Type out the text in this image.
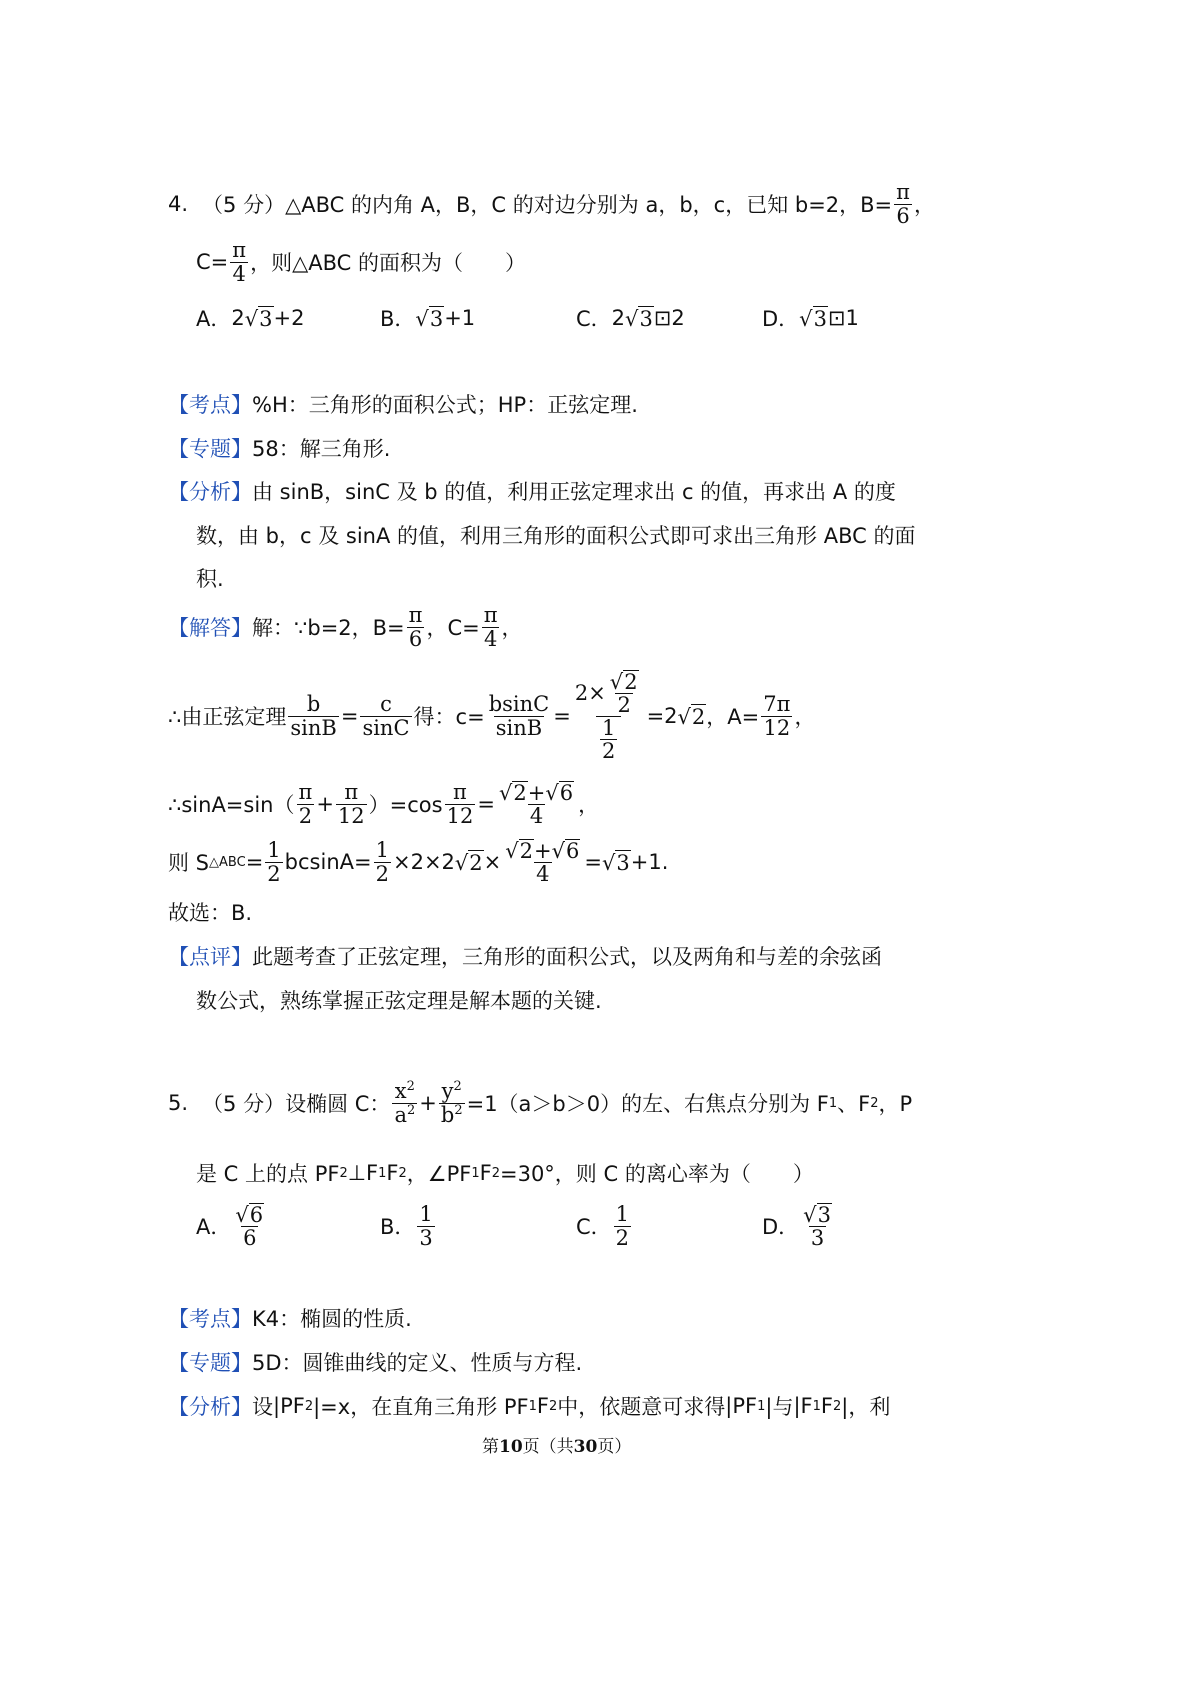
4. （5 分） △ABC 的内角 A，B，C 的对边分别为 a，b，c，已知 b=2，$B= \frac{\pi}{6}$ ，
$C= \frac{\pi}{4}$ ，则△ABC 的面积为（　　）
A． 2 √ 3 +2	B． √ 3 +1	C． 2 √ 3 ⊡2	D． √ 3 ⊡1
【考点】 %H：三角形的面积公式；HP：正弦定理.
【专题】 58：解三角形.
【分析】 由 sinB，sinC 及 b 的值，利用正弦定理求出 c 的值，再求出 A 的度
数，由 b，c 及 sinA 的值，利用三角形的面积公式即可求出三角形 ABC 的面
积.
【解答】 解：∵b=2，$B= \frac{\pi}{6}$ ，$C= \frac{\pi}{4}$ ，
∴由正弦定理 $\frac{b}{\sin B} = \frac{c}{\sin C}$ 得：$c= \frac{bsinC}{\sin B} = \frac{2\times \frac{√ 2}{2}}{\frac{1}{2}} =2$ √ 2 ，$A= \frac{7\pi}{12}$ ，
∴sinA=sin（ $\frac{\pi}{2} + \frac{\pi}{12} )=\cos \frac{\pi}{12} = \frac{√ 2 +√ 6}{4}$ ，
则 S △ABC = $\frac{1}{2} bcsinA= \frac{1}{2} \times 2\times 2$ √ $2 \times \frac{√ 2 +√ 6}{4}$ = √ 3 +1.
故选：B.
【点评】 此题考查了正弦定理，三角形的面积公式，以及两角和与差的余弦函
数公式，熟练掌握正弦定理是解本题的关键.
5. （5 分） 设椭圆 C： $\frac{x^2}{a^2} + \frac{y^2}{b^2} =1(a>b>0)$的左、右焦点分别为 F 1 、F 2 ，P
是 C 上的点 PF 2 ⊥F 1 F 2 ，∠PF 1 F 2 =30°，则 C 的离心率为（　　）
A． $\frac{√ 6}{6}$	B． $\frac{1}{3}$	C． $\frac{1}{2}$	D． $\frac{√ 3}{3}$
【考点】 K4：椭圆的性质.
【专题】 5D：圆锥曲线的定义、性质与方程.
【分析】 设 |PF 2 |=x，在直角三角形 PF 1 F 2 中，依题意可求得 |PF 1 |与 |F 1 F 2 |，利
第10页（共30页）
